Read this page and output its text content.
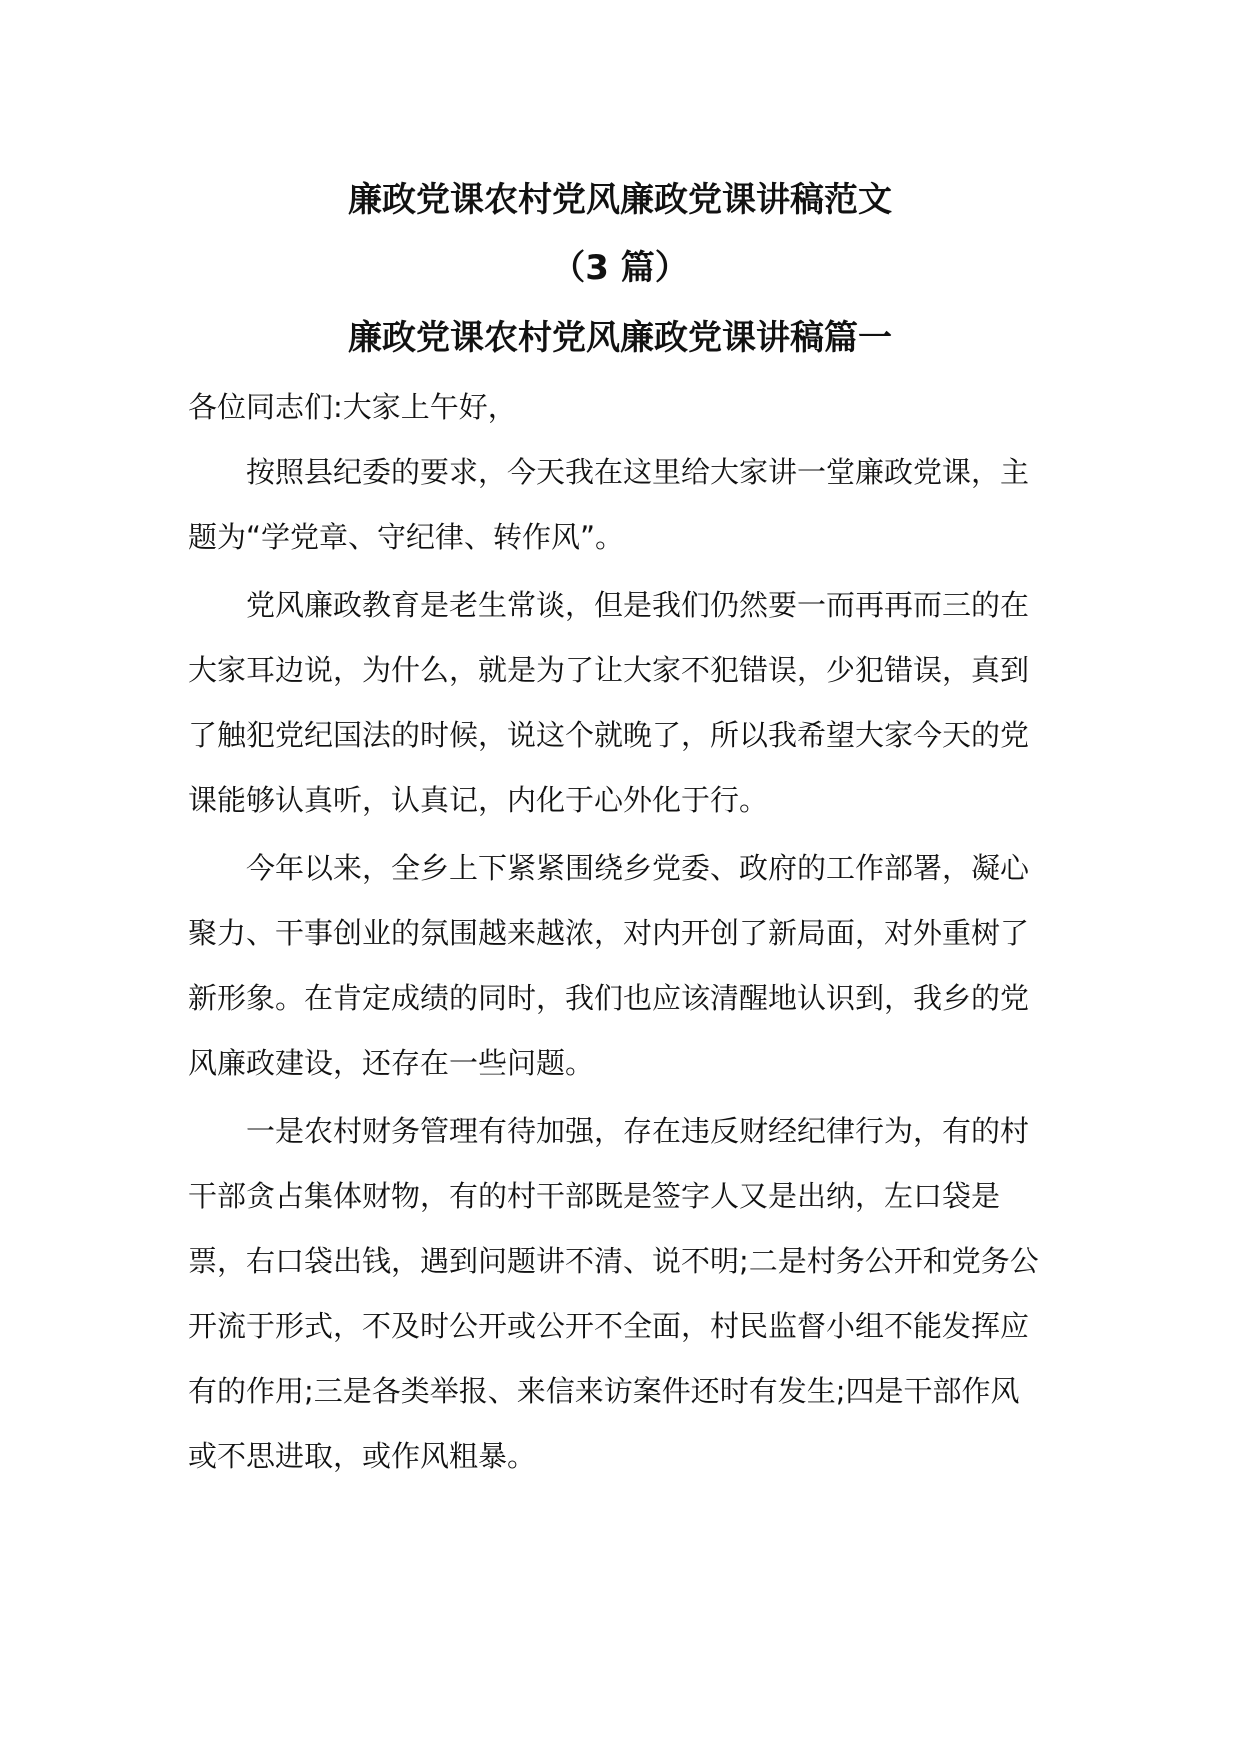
廉政党课农村党风廉政党课讲稿范文
（3 篇）
廉政党课农村党风廉政党课讲稿篇一
各位同志们:大家上午好，
按照县纪委的要求，今天我在这里给大家讲一堂廉政党课，主
题为“学党章、守纪律、转作风”。
党风廉政教育是老生常谈，但是我们仍然要一而再再而三的在
大家耳边说，为什么，就是为了让大家不犯错误，少犯错误，真到
了触犯党纪国法的时候，说这个就晚了，所以我希望大家今天的党
课能够认真听，认真记，内化于心外化于行。
今年以来，全乡上下紧紧围绕乡党委、政府的工作部署，凝心
聚力、干事创业的氛围越来越浓，对内开创了新局面，对外重树了
新形象。在肯定成绩的同时，我们也应该清醒地认识到，我乡的党
风廉政建设，还存在一些问题。
一是农村财务管理有待加强，存在违反财经纪律行为，有的村
干部贪占集体财物，有的村干部既是签字人又是出纳，左口袋是
票，右口袋出钱，遇到问题讲不清、说不明;二是村务公开和党务公
开流于形式，不及时公开或公开不全面，村民监督小组不能发挥应
有的作用;三是各类举报、来信来访案件还时有发生;四是干部作风
或不思进取，或作风粗暴。
